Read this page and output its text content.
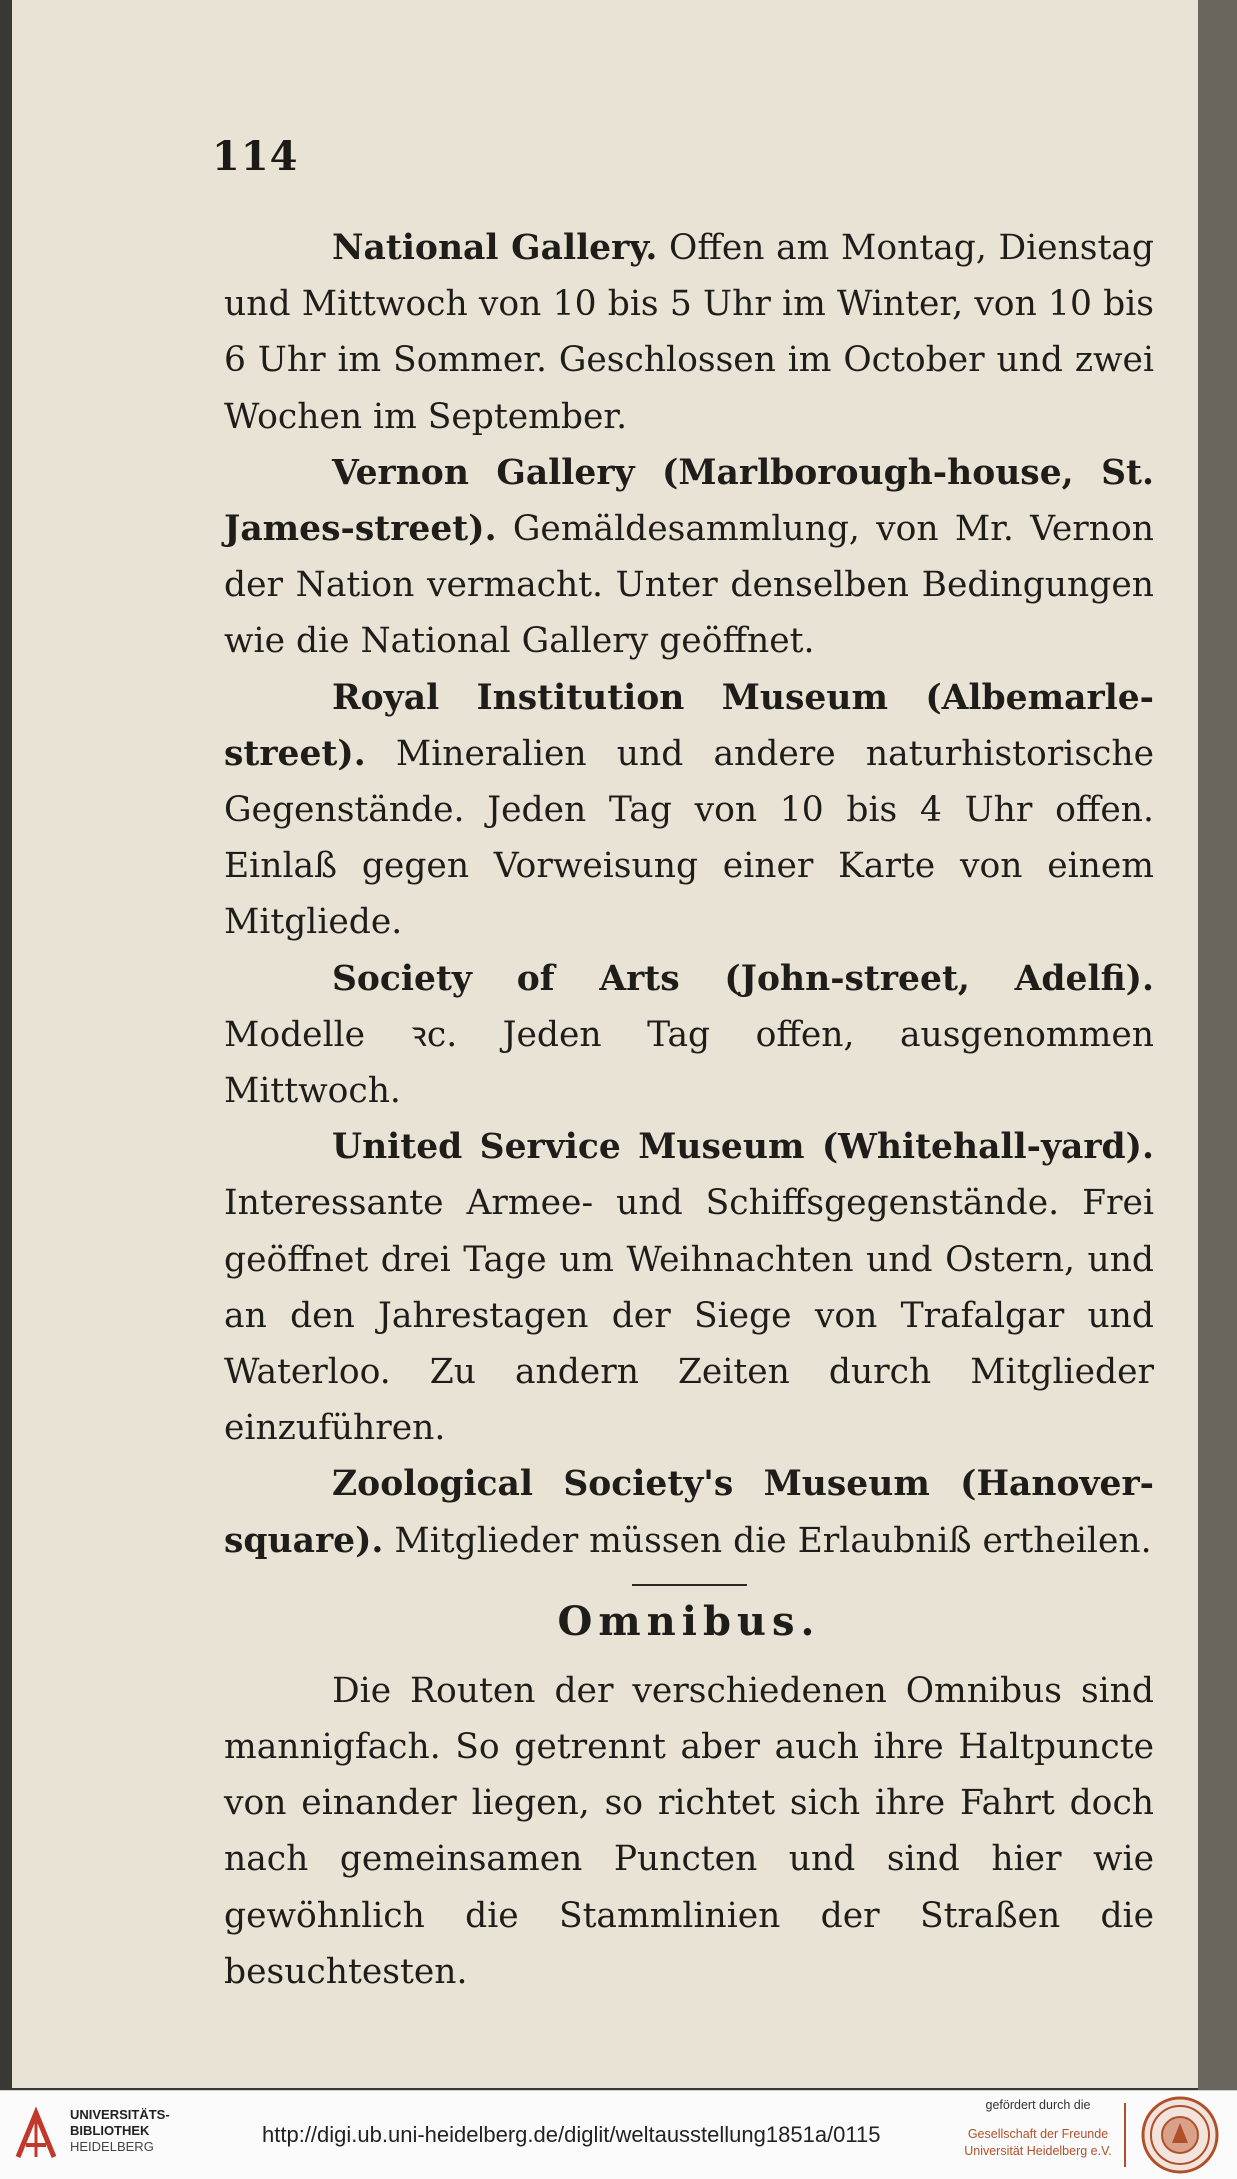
114

National Gallery. Offen am Montag, Dienstag und Mittwoch von 10 bis 5 Uhr im Winter, von 10 bis 6 Uhr im Sommer. Geschlossen im October und zwei Wochen im September.

Vernon Gallery (Marlborough-house, St. James-street). Gemäldesammlung, von Mr. Vernon der Nation vermacht. Unter denselben Bedingungen wie die National Gallery geöffnet.

Royal Institution Museum (Albemarle-street). Mineralien und andere naturhistorische Gegenstände. Jeden Tag von 10 bis 4 Uhr offen. Einlaß gegen Vorweisung einer Karte von einem Mitgliede.

Society of Arts (John-street, Adelfi). Modelle ꝛc. Jeden Tag offen, ausgenommen Mittwoch.

United Service Museum (Whitehall-yard). Interessante Armee- und Schiffsgegenstände. Frei geöffnet drei Tage um Weihnachten und Ostern, und an den Jahrestagen der Siege von Trafalgar und Waterloo. Zu andern Zeiten durch Mitglieder einzuführen.

Zoological Society's Museum (Hanover-square). Mitglieder müssen die Erlaubniß ertheilen.

Omnibus.

Die Routen der verschiedenen Omnibus sind mannigfach. So getrennt aber auch ihre Haltpuncte von einander liegen, so richtet sich ihre Fahrt doch nach gemeinsamen Puncten und sind hier wie gewöhnlich die Stammlinien der Straßen die besuchtesten.

UNIVERSITÄTS-
BIBLIOTHEK
HEIDELBERG	http://digi.ub.uni-heidelberg.de/diglit/weltausstellung1851a/0115
gefördert durch die
Gesellschaft der Freunde
Universität Heidelberg e.V.
